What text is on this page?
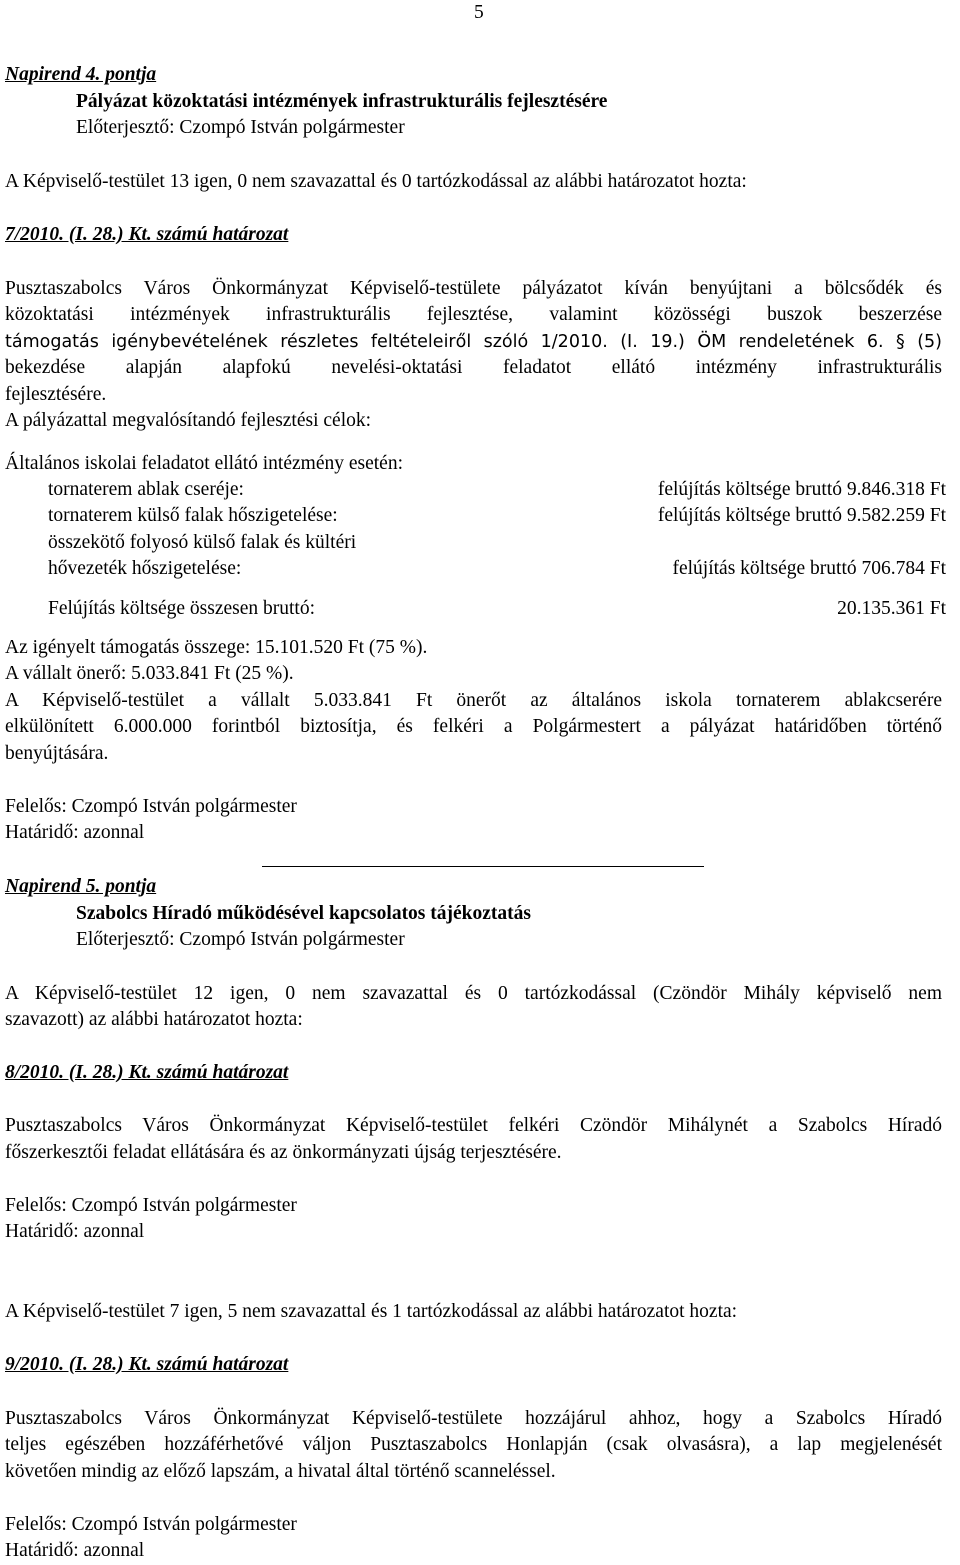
5
Napirend 4. pontja
Pályázat közoktatási intézmények infrastrukturális fejlesztésére
Előterjesztő: Czompó István polgármester
A Képviselő-testület 13 igen, 0 nem szavazattal és 0 tartózkodással az alábbi határozatot hozta:
7/2010. (I. 28.) Kt. számú határozat
Pusztaszabolcs Város Önkormányzat Képviselő-testülete pályázatot kíván benyújtani a bölcsődék és
közoktatási intézmények infrastrukturális fejlesztése, valamint közösségi buszok beszerzése
támogatás igénybevételének részletes feltételeiről szóló 1/2010. (I. 19.) ÖM rendeletének 6. § (5)
bekezdése alapján alapfokú nevelési-oktatási feladatot ellátó intézmény infrastrukturális
fejlesztésére.
A pályázattal megvalósítandó fejlesztési célok:
Általános iskolai feladatot ellátó intézmény esetén:
tornaterem ablak cseréje:	felújítás költsége bruttó 9.846.318 Ft
tornaterem külső falak hőszigetelése:	felújítás költsége bruttó 9.582.259 Ft
összekötő folyosó külső falak és kültéri
hővezeték hőszigetelése:	felújítás költsége bruttó 706.784 Ft
Felújítás költsége összesen bruttó:	20.135.361 Ft
Az igényelt támogatás összege: 15.101.520 Ft (75 %).
A vállalt önerő: 5.033.841 Ft (25 %).
A Képviselő-testület a vállalt 5.033.841 Ft önerőt az általános iskola tornaterem ablakcserére
elkülönített 6.000.000 forintból biztosítja, és felkéri a Polgármestert a pályázat határidőben történő
benyújtására.
Felelős: Czompó István polgármester
Határidő: azonnal
Napirend 5. pontja
Szabolcs Híradó működésével kapcsolatos tájékoztatás
Előterjesztő: Czompó István polgármester
A Képviselő-testület 12 igen, 0 nem szavazattal és 0 tartózkodással (Czöndör Mihály képviselő nem
szavazott) az alábbi határozatot hozta:
8/2010. (I. 28.) Kt. számú határozat
Pusztaszabolcs Város Önkormányzat Képviselő-testület felkéri Czöndör Mihálynét a Szabolcs Híradó
főszerkesztői feladat ellátására és az önkormányzati újság terjesztésére.
Felelős: Czompó István polgármester
Határidő: azonnal
A Képviselő-testület 7 igen, 5 nem szavazattal és 1 tartózkodással az alábbi határozatot hozta:
9/2010. (I. 28.) Kt. számú határozat
Pusztaszabolcs Város Önkormányzat Képviselő-testülete hozzájárul ahhoz, hogy a Szabolcs Híradó
teljes egészében hozzáférhetővé váljon Pusztaszabolcs Honlapján (csak olvasásra), a lap megjelenését
követően mindig az előző lapszám, a hivatal által történő scanneléssel.
Felelős: Czompó István polgármester
Határidő: azonnal
